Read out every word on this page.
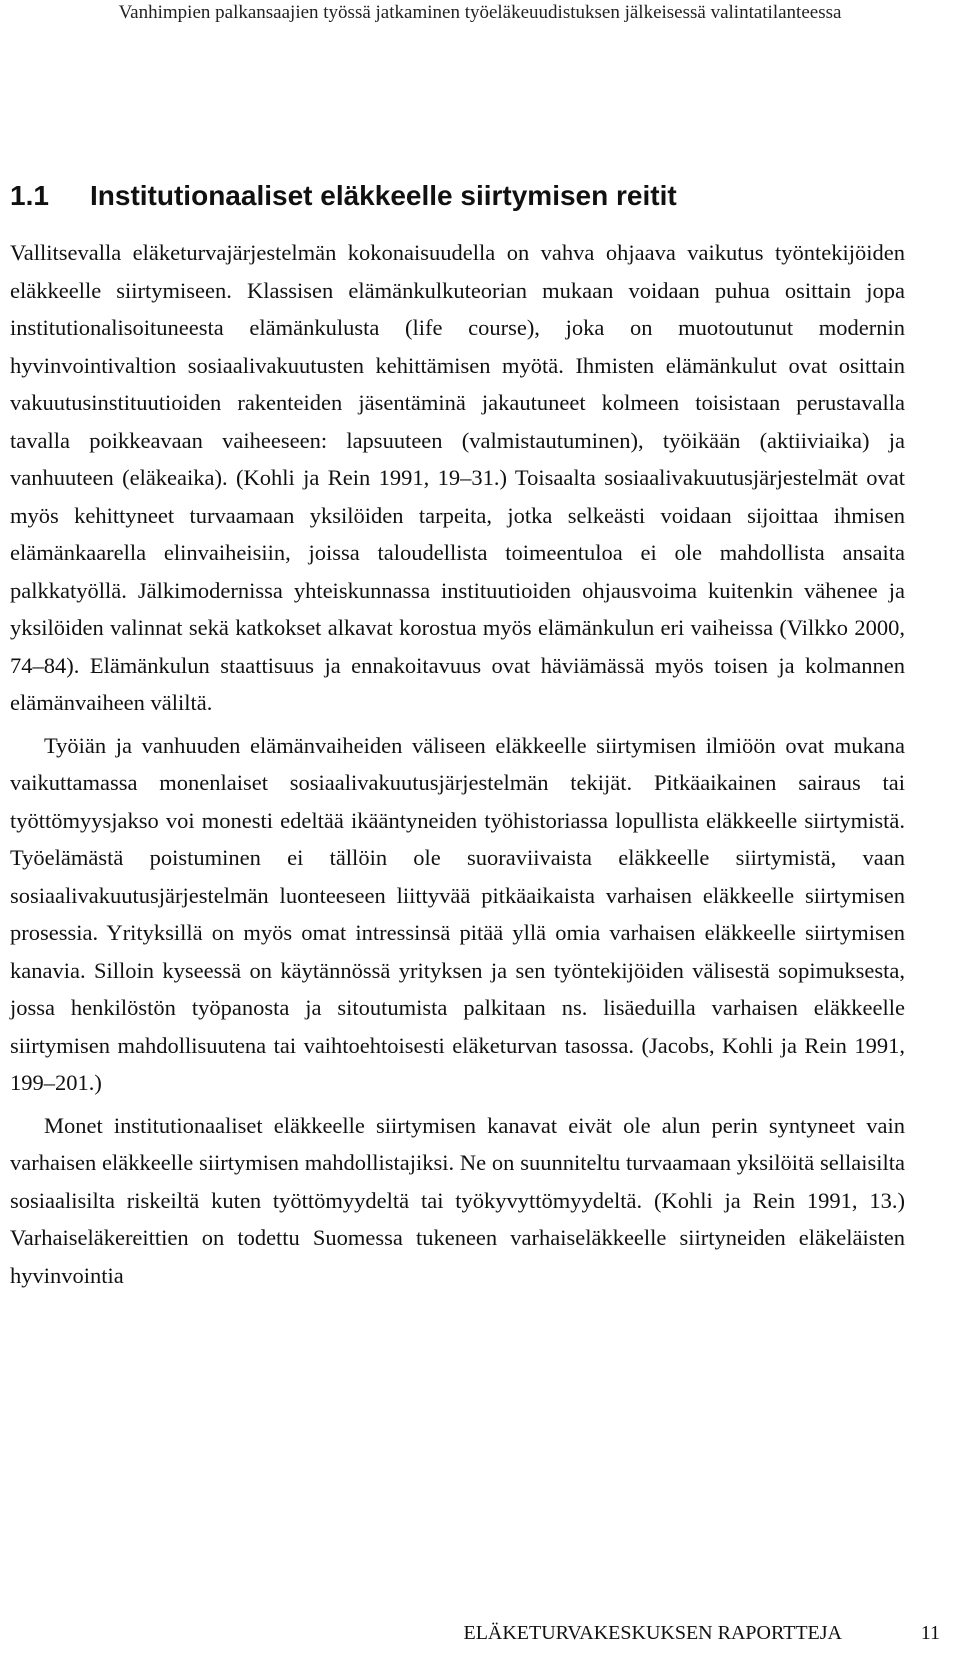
Vanhimpien palkansaajien työssä jatkaminen työeläkeuudistuksen jälkeisessä valintatilanteessa
1.1 Institutionaaliset eläkkeelle siirtymisen reitit

Vallitsevalla eläketurvajärjestelmän kokonaisuudella on vahva ohjaava vaikutus työntekijöiden eläkkeelle siirtymiseen. Klassisen elämänkulkuteorian mukaan voidaan puhua osittain jopa institutionalisoituneesta elämänkulusta (life course), joka on muotoutunut modernin hyvinvointivaltion sosiaalivakuutusten kehittämisen myötä. Ihmisten elämänkulut ovat osittain vakuutusinstituutioiden rakenteiden jäsentäminä jakautuneet kolmeen toisistaan perustavalla tavalla poikkeavaan vaiheeseen: lapsuuteen (valmistautuminen), työikään (aktiiviaika) ja vanhuuteen (eläkeaika). (Kohli ja Rein 1991, 19–31.) Toisaalta sosiaalivakuutusjärjestelmät ovat myös kehittyneet turvaamaan yksilöiden tarpeita, jotka selkeästi voidaan sijoittaa ihmisen elämänkaarella elinvaiheisiin, joissa taloudellista toimeentuloa ei ole mahdollista ansaita palkkatyöllä. Jälkimodernissa yhteiskunnassa instituutioiden ohjausvoima kuitenkin vähenee ja yksilöiden valinnat sekä katkokset alkavat korostua myös elämänkulun eri vaiheissa (Vilkko 2000, 74–84). Elämänkulun staattisuus ja ennakoitavuus ovat häviämässä myös toisen ja kolmannen elämänvaiheen väliltä.

Työiän ja vanhuuden elämänvaiheiden väliseen eläkkeelle siirtymisen ilmiöön ovat mukana vaikuttamassa monenlaiset sosiaalivakuutusjärjestelmän tekijät. Pitkäaikainen sairaus tai työttömyysjakso voi monesti edeltää ikääntyneiden työhistoriassa lopullista eläkkeelle siirtymistä. Työelämästä poistuminen ei tällöin ole suoraviivaista eläkkeelle siirtymistä, vaan sosiaalivakuutusjärjestelmän luonteeseen liittyvää pitkäaikaista varhaisen eläkkeelle siirtymisen prosessia. Yrityksillä on myös omat intressinsä pitää yllä omia varhaisen eläkkeelle siirtymisen kanavia. Silloin kyseessä on käytännössä yrityksen ja sen työntekijöiden välisestä sopimuksesta, jossa henkilöstön työpanosta ja sitoutumista palkitaan ns. lisäeduilla varhaisen eläkkeelle siirtymisen mahdollisuutena tai vaihtoehtoisesti eläketurvan tasossa. (Jacobs, Kohli ja Rein 1991, 199–201.)

Monet institutionaaliset eläkkeelle siirtymisen kanavat eivät ole alun perin syntyneet vain varhaisen eläkkeelle siirtymisen mahdollistajiksi. Ne on suunniteltu turvaamaan yksilöitä sellaisilta sosiaalisilta riskeiltä kuten työttömyydeltä tai työkyvyttömyydeltä. (Kohli ja Rein 1991, 13.) Varhaiseläkereittien on todettu Suomessa tukeneen varhaiseläkkeelle siirtyneiden eläkeläisten hyvinvointia

ELÄKETURVAKESKUKSEN RAPORTTEJA	11
